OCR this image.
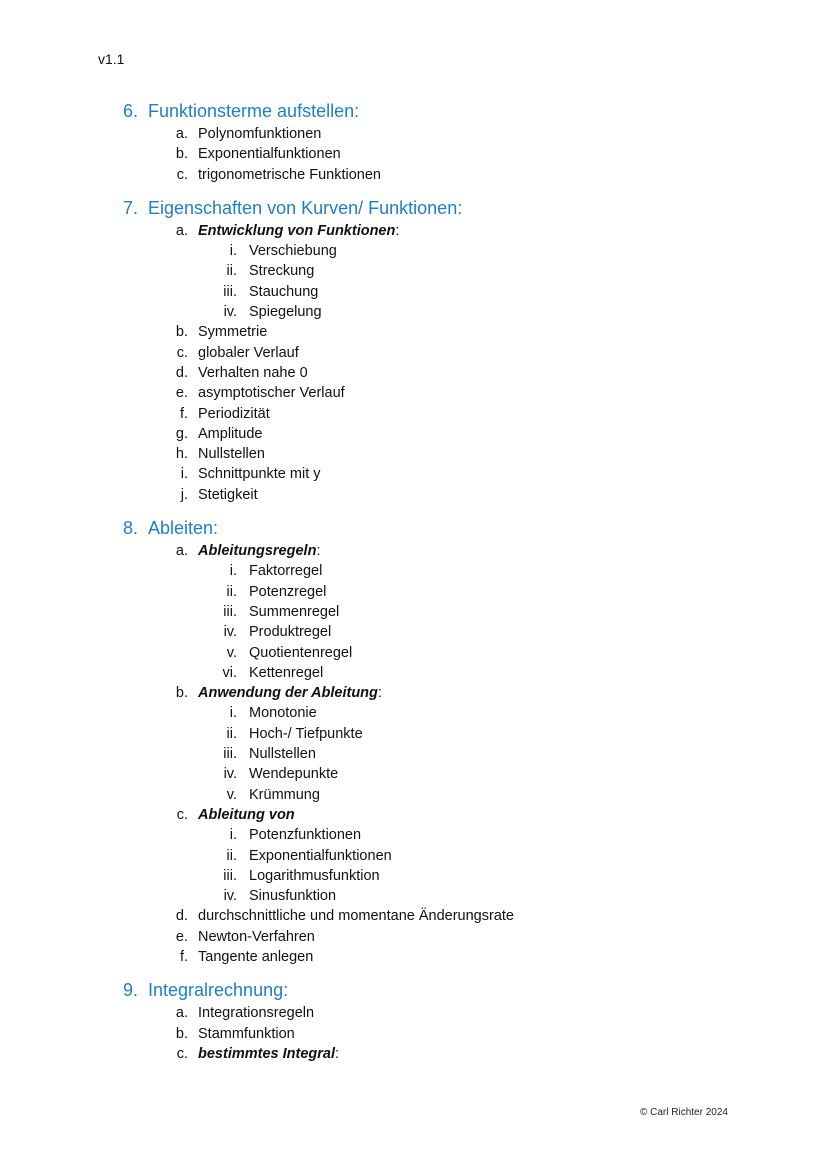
v1.1
6. Funktionsterme aufstellen:
a. Polynomfunktionen
b. Exponentialfunktionen
c. trigonometrische Funktionen
7. Eigenschaften von Kurven/ Funktionen:
a. Entwicklung von Funktionen:
i. Verschiebung
ii. Streckung
iii. Stauchung
iv. Spiegelung
b. Symmetrie
c. globaler Verlauf
d. Verhalten nahe 0
e. asymptotischer Verlauf
f. Periodizität
g. Amplitude
h. Nullstellen
i. Schnittpunkte mit y
j. Stetigkeit
8. Ableiten:
a. Ableitungsregeln:
i. Faktorregel
ii. Potenzregel
iii. Summenregel
iv. Produktregel
v. Quotientenregel
vi. Kettenregel
b. Anwendung der Ableitung:
i. Monotonie
ii. Hoch-/ Tiefpunkte
iii. Nullstellen
iv. Wendepunkte
v. Krümmung
c. Ableitung von
i. Potenzfunktionen
ii. Exponentialfunktionen
iii. Logarithmusfunktion
iv. Sinusfunktion
d. durchschnittliche und momentane Änderungsrate
e. Newton-Verfahren
f. Tangente anlegen
9. Integralrechnung:
a. Integrationsregeln
b. Stammfunktion
c. bestimmtes Integral:
© Carl Richter 2024
